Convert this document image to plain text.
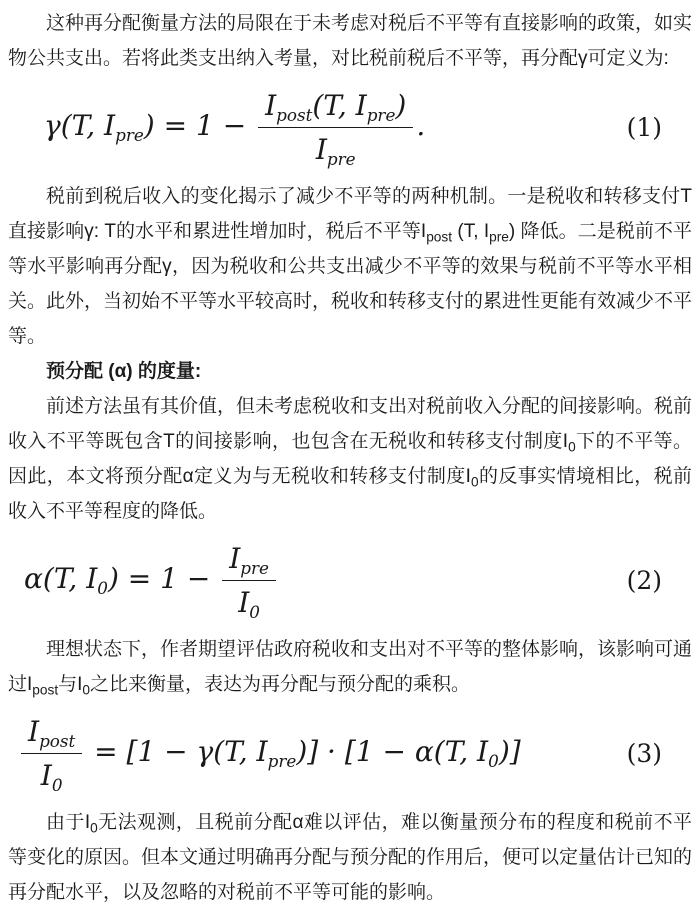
这种再分配衡量方法的局限在于未考虑对税后不平等有直接影响的政策，如实物公共支出。若将此类支出纳入考量，对比税前税后不平等，再分配γ可定义为:

γ(T, $I_{pre}) = 1 - \frac{I_{post}(T, I_{pre})}{I_{pre}}$ .	(1)

税前到税后收入的变化揭示了减少不平等的两种机制。一是税收和转移支付T直接影响γ: T的水平和累进性增加时，税后不平等$I_{post}$ (T, $I_{pre}$) 降低。二是税前不平等水平影响再分配γ，因为税收和公共支出减少不平等的效果与税前不平等水平相关。此外，当初始不平等水平较高时，税收和转移支付的累进性更能有效减少不平等。

预分配 (α) 的度量:

前述方法虽有其价值，但未考虑税收和支出对税前收入分配的间接影响。税前收入不平等既包含T的间接影响，也包含在无税收和转移支付制度$I_0$下的不平等。因此，本文将预分配α定义为与无税收和转移支付制度$I_0$的反事实情境相比，税前收入不平等程度的降低。

α(T, $I_0) = 1 - \frac{I_{pre}}{I_0}$	(2)

理想状态下，作者期望评估政府税收和支出对不平等的整体影响，该影响可通过$I_{post}$与$I_0$之比来衡量，表达为再分配与预分配的乘积。

$\frac{I_{post}}{I_0} = [1 - \gamma(T$, $I_{pre})] \cdot [1 - \alpha(T$, $I_0$)]	(3)

由于$I_0$无法观测，且税前分配α难以评估，难以衡量预分布的程度和税前不平等变化的原因。但本文通过明确再分配与预分配的作用后，便可以定量估计已知的再分配水平，以及忽略的对税前不平等可能的影响。
